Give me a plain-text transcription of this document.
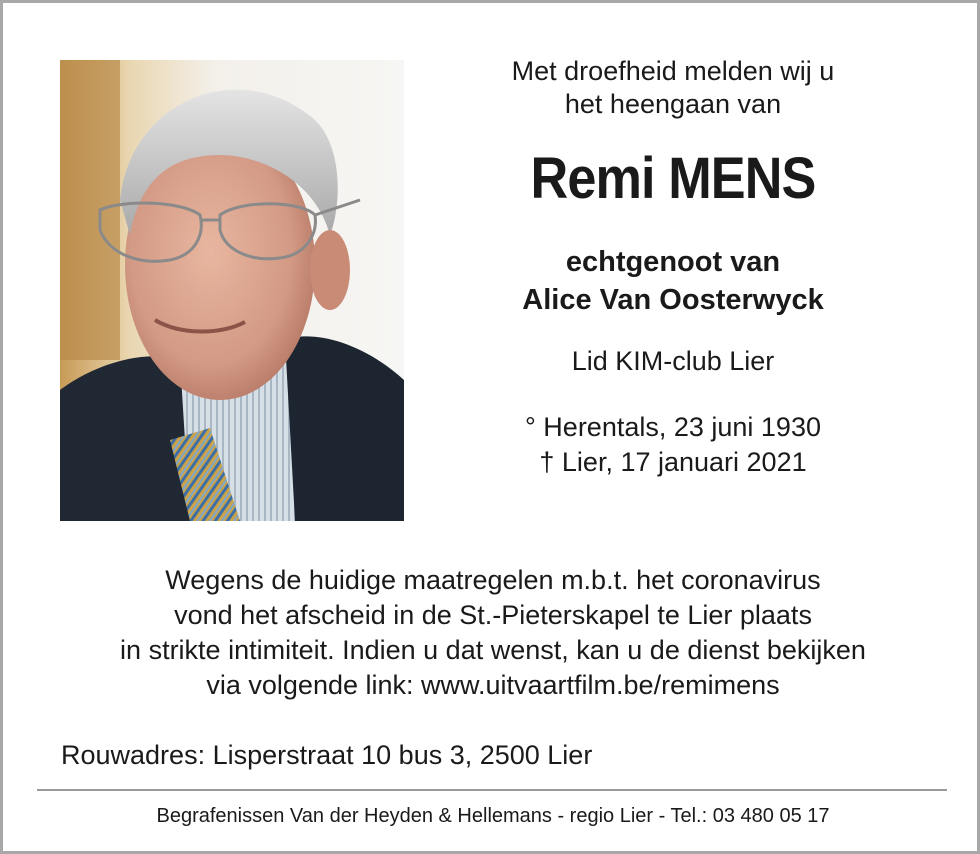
Met droefheid melden wij u
het heengaan van
Remi MENS
echtgenoot van
Alice Van Oosterwyck
Lid KIM-club Lier
° Herentals, 23 juni 1930
† Lier, 17 januari 2021
Wegens de huidige maatregelen m.b.t. het coronavirus
vond het afscheid in de St.-Pieterskapel te Lier plaats
in strikte intimiteit. Indien u dat wenst, kan u de dienst bekijken
via volgende link: www.uitvaartfilm.be/remimens
Rouwadres: Lisperstraat 10 bus 3, 2500 Lier
Begrafenissen Van der Heyden & Hellemans - regio Lier - Tel.: 03 480 05 17
